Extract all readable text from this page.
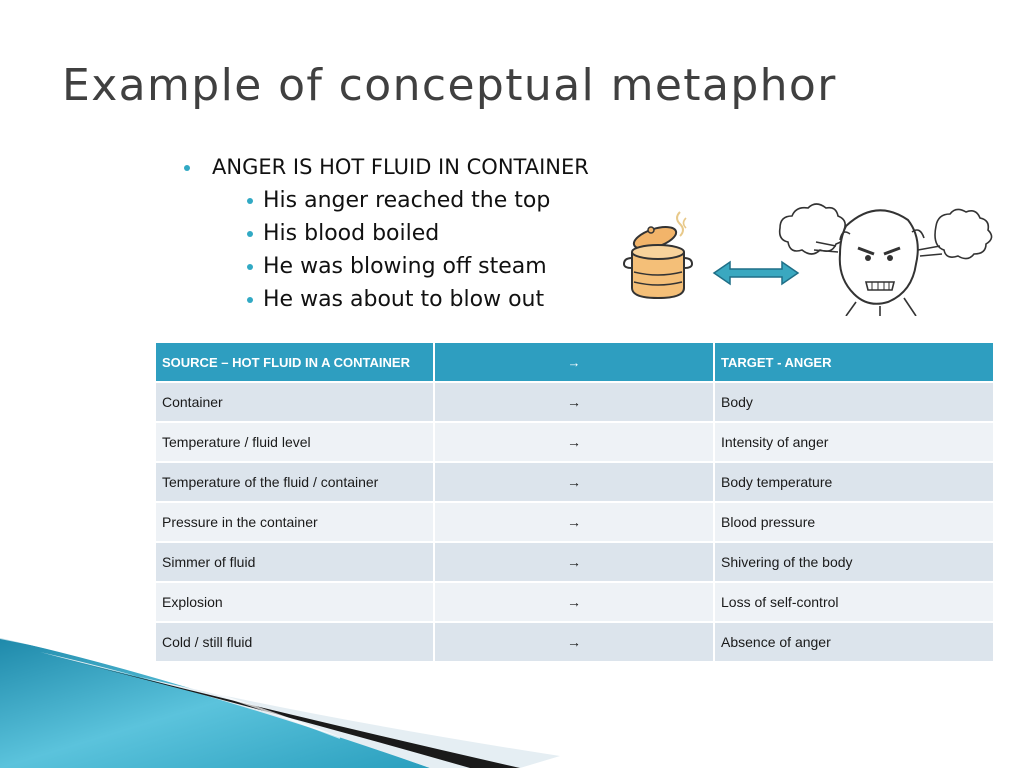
Example of conceptual metaphor
ANGER IS HOT FLUID IN CONTAINER
His anger reached the top
His blood boiled
He was blowing off steam
He was about to blow out
SOURCE – HOT FLUID IN A CONTAINER	→	TARGET - ANGER
Container	→	Body
Temperature / fluid level	→	Intensity of anger
Temperature of the fluid / container	→	Body temperature
Pressure in the container	→	Blood pressure
Simmer of fluid	→	Shivering of the body
Explosion	→	Loss of self-control
Cold / still fluid	→	Absence of anger
